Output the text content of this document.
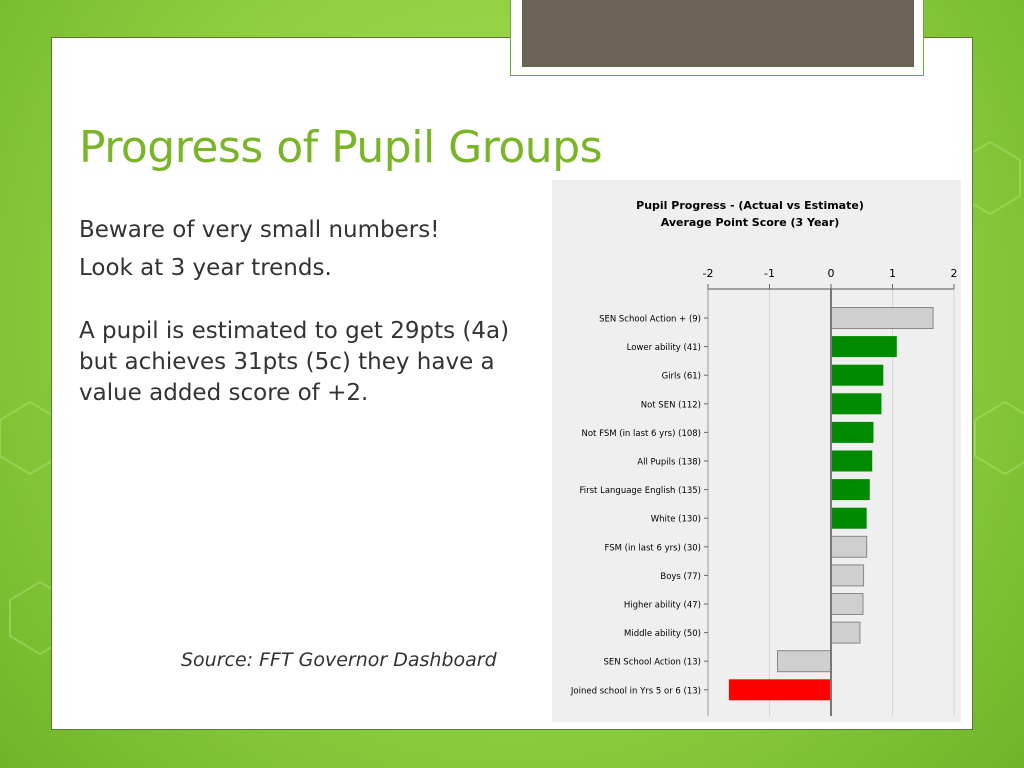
Progress of Pupil Groups

Beware of very small numbers!

Look at 3 year trends.

A pupil is estimated to get 29pts (4a) but achieves 31pts (5c) they have a value added score of +2.

Source: FFT Governor Dashboard

Pupil Progress - (Actual vs Estimate)
Average Point Score (3 Year)
-2	-1	0	1	2
SEN School Action + (9)
Lower ability (41)
Girls (61)
Not SEN (112)
Not FSM (in last 6 yrs) (108)
All Pupils (138)
First Language English (135)
White (130)
FSM (in last 6 yrs) (30)
Boys (77)
Higher ability (47)
Middle ability (50)
SEN School Action (13)
Joined school in Yrs 5 or 6 (13)
